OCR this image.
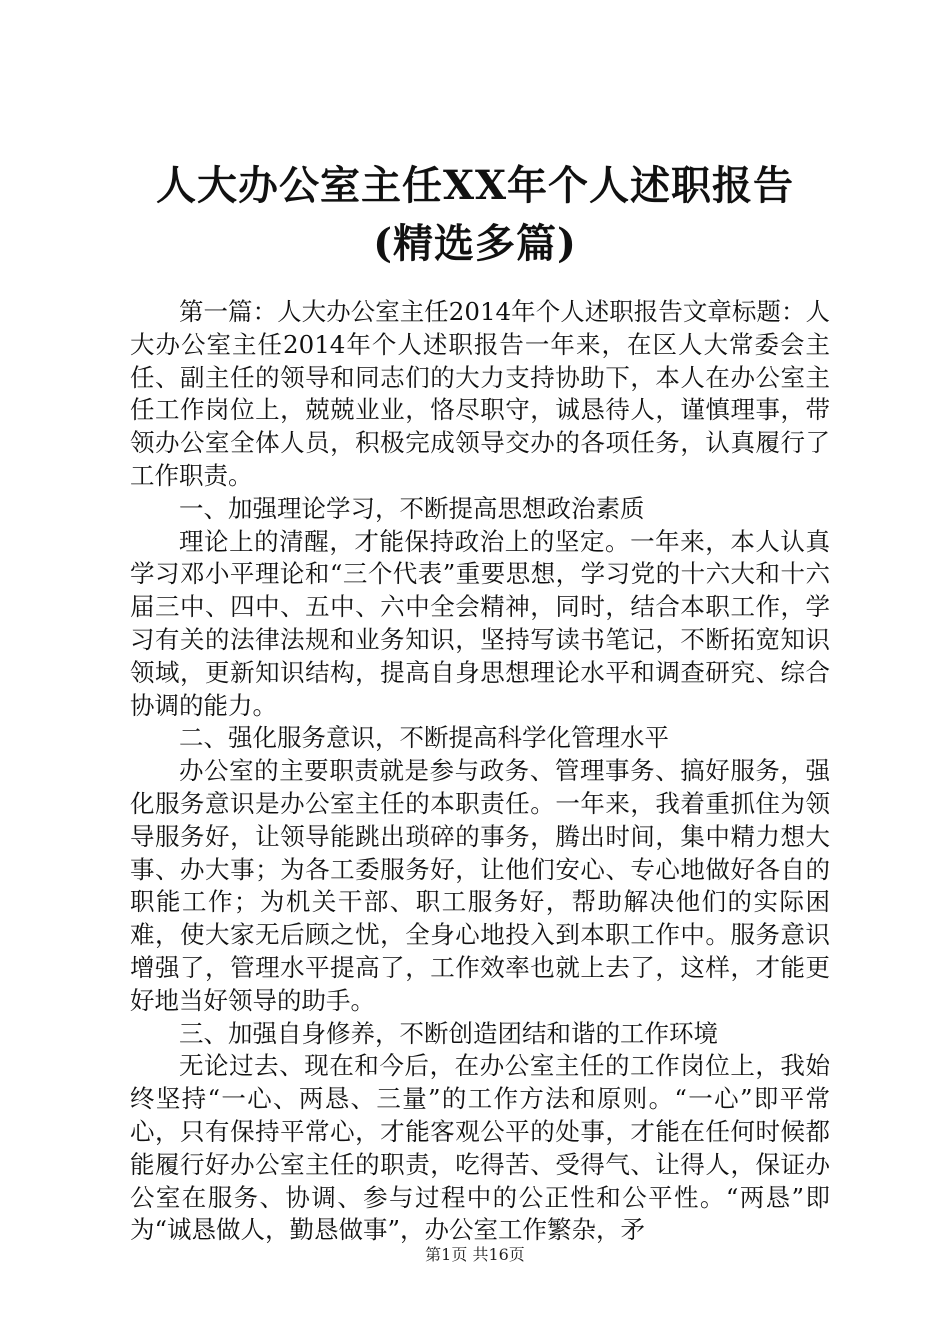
人大办公室主任XX年个人述职报告(精选多篇)

第一篇：人大办公室主任2014年个人述职报告文章标题：人大办公室主任2014年个人述职报告一年来，在区人大常委会主任、副主任的领导和同志们的大力支持协助下，本人在办公室主任工作岗位上，兢兢业业，恪尽职守，诚恳待人，谨慎理事，带领办公室全体人员，积极完成领导交办的各项任务，认真履行了工作职责。

一、加强理论学习，不断提高思想政治素质

理论上的清醒，才能保持政治上的坚定。一年来，本人认真学习邓小平理论和“三个代表”重要思想，学习党的十六大和十六届三中、四中、五中、六中全会精神，同时，结合本职工作，学习有关的法律法规和业务知识，坚持写读书笔记，不断拓宽知识领域，更新知识结构，提高自身思想理论水平和调查研究、综合协调的能力。

二、强化服务意识，不断提高科学化管理水平

办公室的主要职责就是参与政务、管理事务、搞好服务，强化服务意识是办公室主任的本职责任。一年来，我着重抓住为领导服务好，让领导能跳出琐碎的事务，腾出时间，集中精力想大事、办大事；为各工委服务好，让他们安心、专心地做好各自的职能工作；为机关干部、职工服务好，帮助解决他们的实际困难，使大家无后顾之忧，全身心地投入到本职工作中。服务意识增强了，管理水平提高了，工作效率也就上去了，这样，才能更好地当好领导的助手。

三、加强自身修养，不断创造团结和谐的工作环境

无论过去、现在和今后，在办公室主任的工作岗位上，我始终坚持“一心、两恳、三量”的工作方法和原则。“一心”即平常心，只有保持平常心，才能客观公平的处事，才能在任何时候都能履行好办公室主任的职责，吃得苦、受得气、让得人，保证办公室在服务、协调、参与过程中的公正性和公平性。“两恳”即为“诚恳做人，勤恳做事”，办公室工作繁杂，矛

第1页 共16页
